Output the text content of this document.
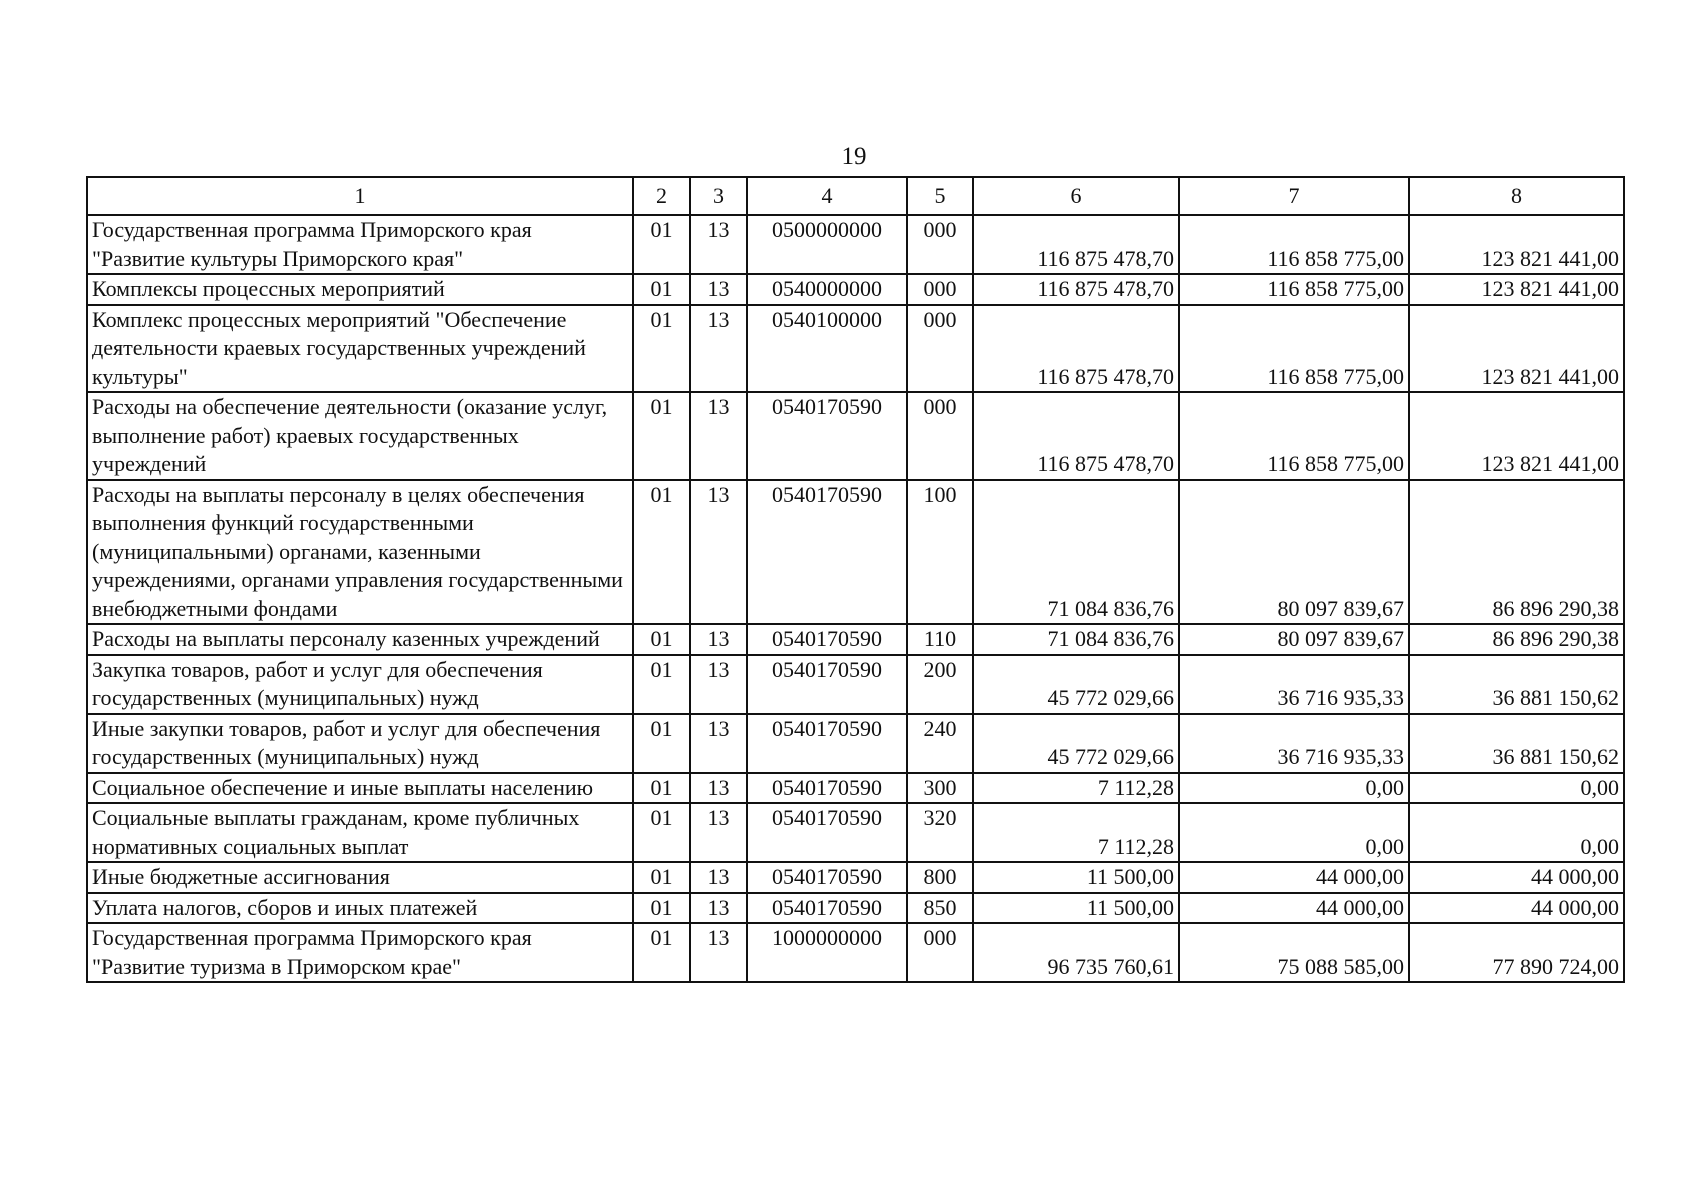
19
1	2	3	4	5	6	7	8
Государственная программа Приморского края "Развитие культуры Приморского края"	01	13	0500000000	000	116 875 478,70	116 858 775,00	123 821 441,00
Комплексы процессных мероприятий	01	13	0540000000	000	116 875 478,70	116 858 775,00	123 821 441,00
Комплекс процессных мероприятий "Обеспечение деятельности краевых государственных учреждений культуры"	01	13	0540100000	000	116 875 478,70	116 858 775,00	123 821 441,00
Расходы на обеспечение деятельности (оказание услуг, выполнение работ) краевых государственных учреждений	01	13	0540170590	000	116 875 478,70	116 858 775,00	123 821 441,00
Расходы на выплаты персоналу в целях обеспечения выполнения функций государственными (муниципальными) органами, казенными учреждениями, органами управления государственными внебюджетными фондами	01	13	0540170590	100	71 084 836,76	80 097 839,67	86 896 290,38
Расходы на выплаты персоналу казенных учреждений	01	13	0540170590	110	71 084 836,76	80 097 839,67	86 896 290,38
Закупка товаров, работ и услуг для обеспечения государственных (муниципальных) нужд	01	13	0540170590	200	45 772 029,66	36 716 935,33	36 881 150,62
Иные закупки товаров, работ и услуг для обеспечения государственных (муниципальных) нужд	01	13	0540170590	240	45 772 029,66	36 716 935,33	36 881 150,62
Социальное обеспечение и иные выплаты населению	01	13	0540170590	300	7 112,28	0,00	0,00
Социальные выплаты гражданам, кроме публичных нормативных социальных выплат	01	13	0540170590	320	7 112,28	0,00	0,00
Иные бюджетные ассигнования	01	13	0540170590	800	11 500,00	44 000,00	44 000,00
Уплата налогов, сборов и иных платежей	01	13	0540170590	850	11 500,00	44 000,00	44 000,00
Государственная программа Приморского края "Развитие туризма в Приморском крае"	01	13	1000000000	000	96 735 760,61	75 088 585,00	77 890 724,00
